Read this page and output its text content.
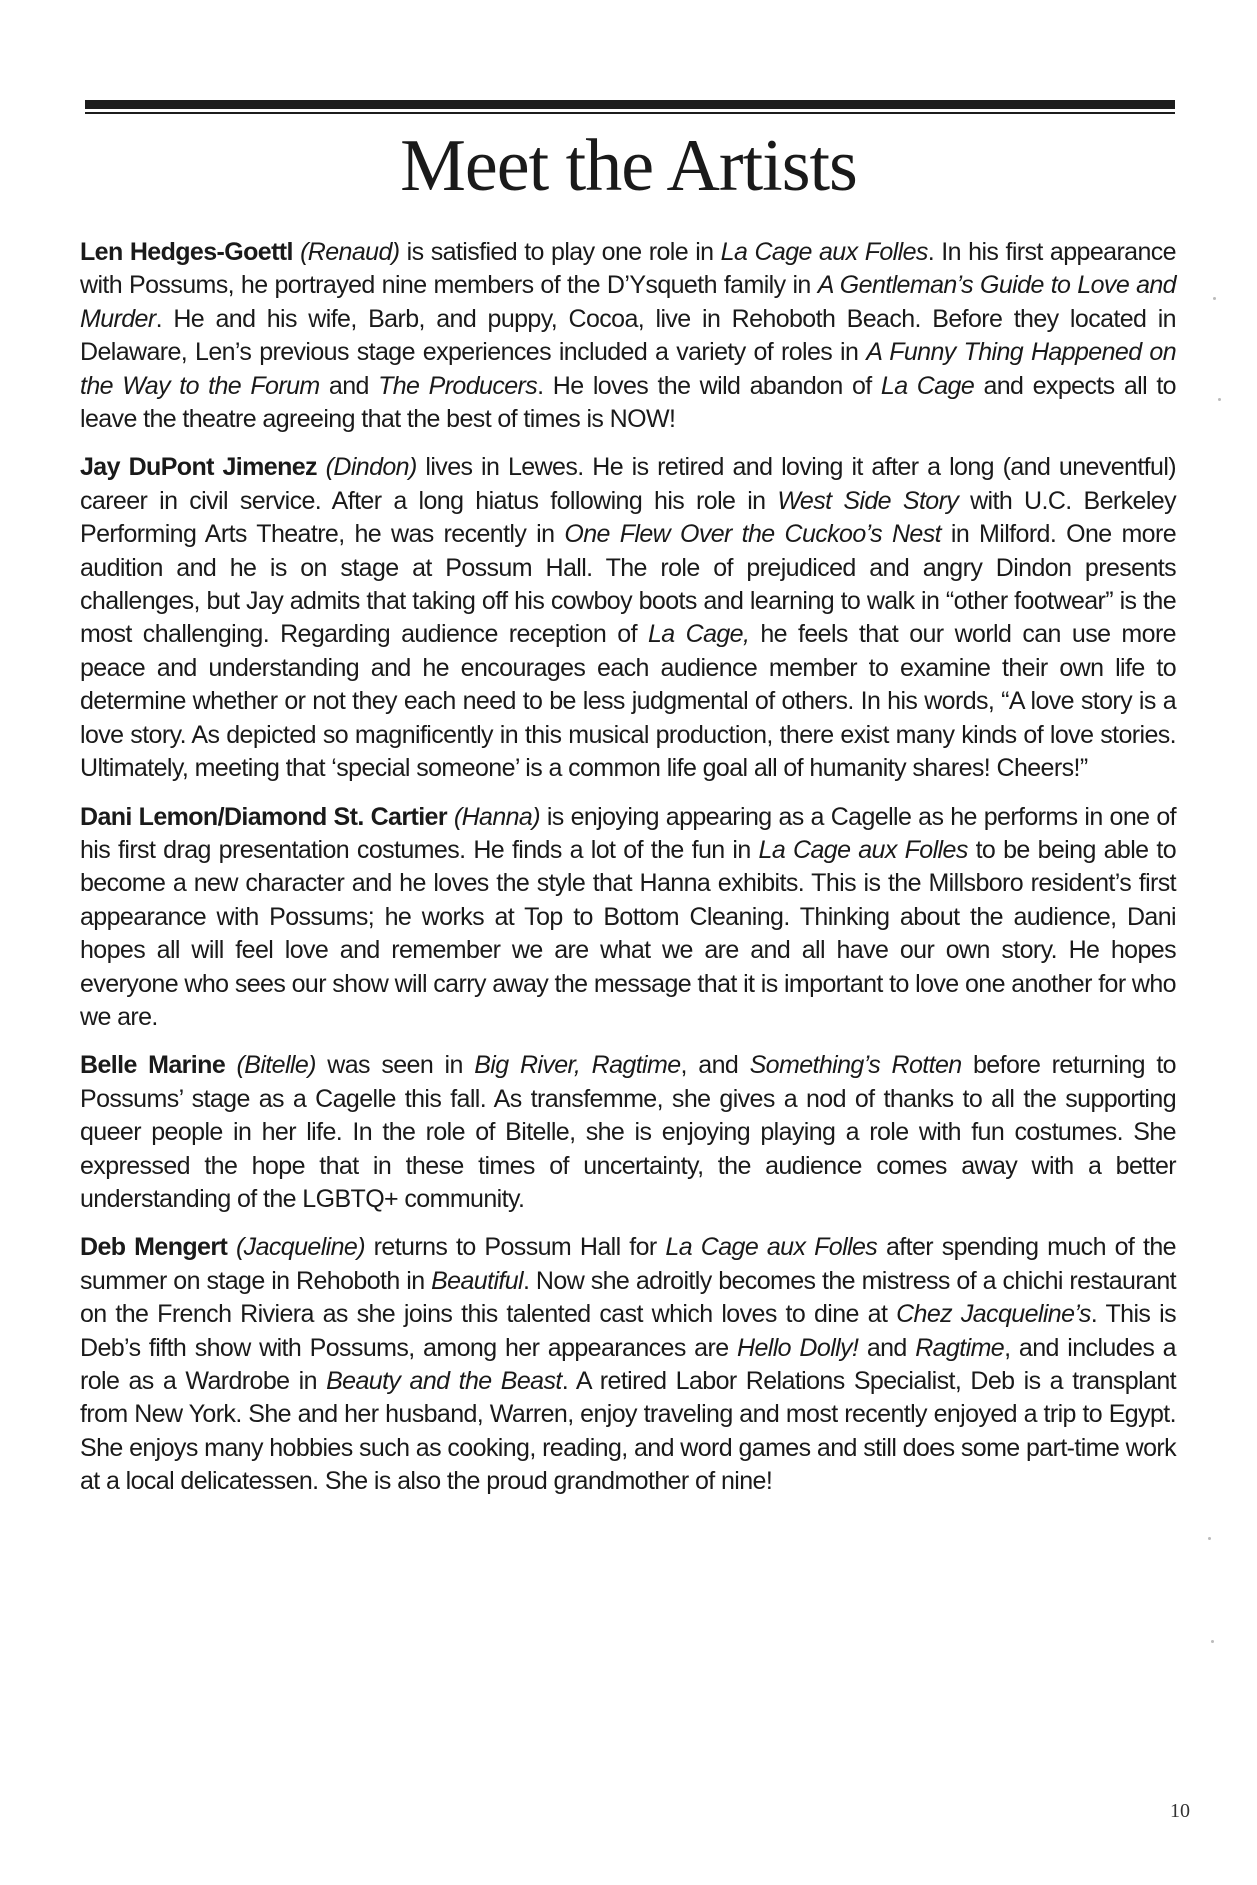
Meet the Artists

Len Hedges-Goettl (Renaud) is satisfied to play one role in La Cage aux Folles. In his first appearance with Possums, he portrayed nine members of the D’Ysqueth family in A Gentleman’s Guide to Love and Murder. He and his wife, Barb, and puppy, Cocoa, live in Rehoboth Beach. Before they located in Delaware, Len’s previous stage experiences included a variety of roles in A Funny Thing Happened on the Way to the Forum and The Producers. He loves the wild abandon of La Cage and expects all to leave the theatre agreeing that the best of times is NOW!

Jay DuPont Jimenez (Dindon) lives in Lewes. He is retired and loving it after a long (and uneventful) career in civil service. After a long hiatus following his role in West Side Story with U.C. Berkeley Performing Arts Theatre, he was recently in One Flew Over the Cuckoo’s Nest in Milford. One more audition and he is on stage at Possum Hall. The role of prejudiced and angry Dindon presents challenges, but Jay admits that taking off his cowboy boots and learning to walk in “other footwear” is the most challenging. Regarding audience reception of La Cage, he feels that our world can use more peace and understanding and he encourages each audience member to examine their own life to determine whether or not they each need to be less judgmental of others. In his words, “A love story is a love story. As depicted so magnificently in this musical production, there exist many kinds of love stories. Ultimately, meeting that ‘special someone’ is a common life goal all of humanity shares! Cheers!”

Dani Lemon/Diamond St. Cartier (Hanna) is enjoying appearing as a Cagelle as he performs in one of his first drag presentation costumes. He finds a lot of the fun in La Cage aux Folles to be being able to become a new character and he loves the style that Hanna exhibits. This is the Millsboro resident’s first appearance with Possums; he works at Top to Bottom Cleaning. Thinking about the audience, Dani hopes all will feel love and remember we are what we are and all have our own story. He hopes everyone who sees our show will carry away the message that it is important to love one another for who we are.

Belle Marine (Bitelle) was seen in Big River, Ragtime, and Something’s Rotten before returning to Possums’ stage as a Cagelle this fall. As transfemme, she gives a nod of thanks to all the supporting queer people in her life. In the role of Bitelle, she is enjoying playing a role with fun costumes. She expressed the hope that in these times of uncertainty, the audience comes away with a better understanding of the LGBTQ+ community.

Deb Mengert (Jacqueline) returns to Possum Hall for La Cage aux Folles after spending much of the summer on stage in Rehoboth in Beautiful. Now she adroitly becomes the mistress of a chichi restaurant on the French Riviera as she joins this talented cast which loves to dine at Chez Jacqueline’s. This is Deb’s fifth show with Possums, among her appearances are Hello Dolly! and Ragtime, and includes a role as a Wardrobe in Beauty and the Beast. A retired Labor Relations Specialist, Deb is a transplant from New York. She and her husband, Warren, enjoy traveling and most recently enjoyed a trip to Egypt. She enjoys many hobbies such as cooking, reading, and word games and still does some part-time work at a local delicatessen. She is also the proud grandmother of nine!

10
